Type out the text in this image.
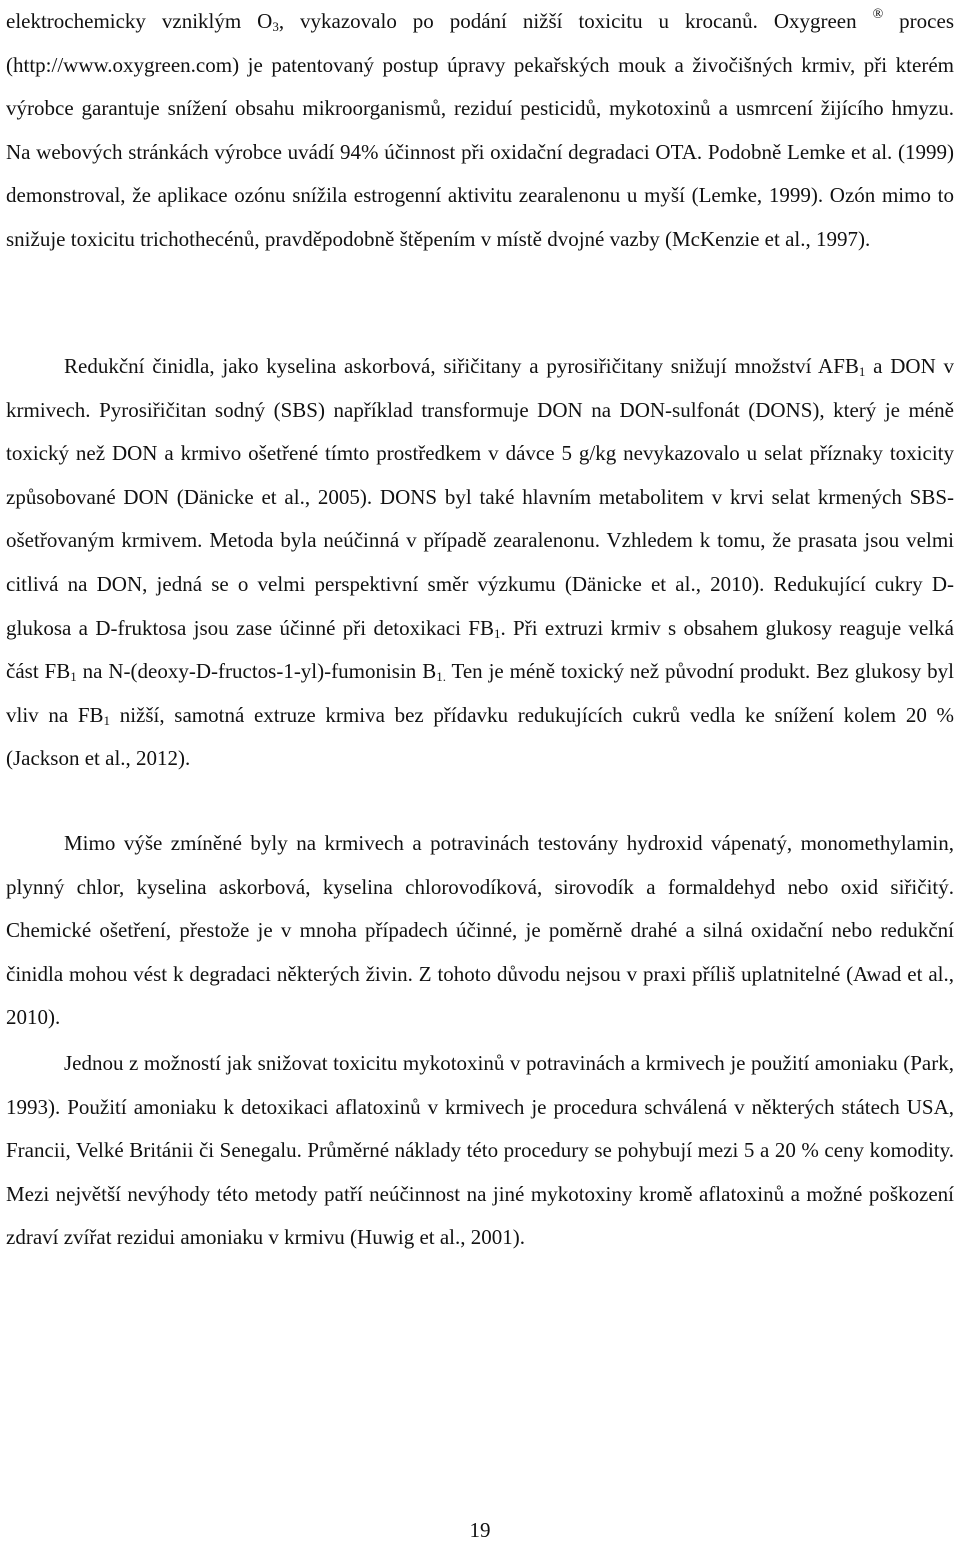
elektrochemicky vzniklým $O_3$, vykazovalo po podání nižší toxicitu u krocanů. Oxygreen ® proces (http://www.oxygreen.com) je patentovaný postup úpravy pekařských mouk a živočišných krmiv, při kterém výrobce garantuje snížení obsahu mikroorganismů, reziduí pesticidů, mykotoxinů a usmrcení žijícího hmyzu. Na webových stránkách výrobce uvádí 94% účinnost při oxidační degradaci OTA. Podobně Lemke et al. (1999) demonstroval, že aplikace ozónu snížila estrogenní aktivitu zearalenonu u myší (Lemke, 1999). Ozón mimo to snižuje toxicitu trichothecénů, pravděpodobně štěpením v místě dvojné vazby (McKenzie et al., 1997).

Redukční činidla, jako kyselina askorbová, siřičitany a pyrosiřičitany snižují množství $AFB_1$ a DON v krmivech. Pyrosiřičitan sodný (SBS) například transformuje DON na DON-sulfonát (DONS), který je méně toxický než DON a krmivo ošetřené tímto prostředkem v dávce 5 g/kg nevykazovalo u selat příznaky toxicity způsobované DON (Dänicke et al., 2005). DONS byl také hlavním metabolitem v krvi selat krmených SBS-ošetřovaným krmivem. Metoda byla neúčinná v případě zearalenonu. Vzhledem k tomu, že prasata jsou velmi citlivá na DON, jedná se o velmi perspektivní směr výzkumu (Dänicke et al., 2010). Redukující cukry D-glukosa a D-fruktosa jsou zase účinné při detoxikaci $FB_1$. Při extruzi krmiv s obsahem glukosy reaguje velká část $FB_1$ na N-(deoxy-D-fructos-1-yl)-fumonisin $B_{1.}$ Ten je méně toxický než původní produkt. Bez glukosy byl vliv na $FB_1$ nižší, samotná extruze krmiva bez přídavku redukujících cukrů vedla ke snížení kolem 20 % (Jackson et al., 2012).

Mimo výše zmíněné byly na krmivech a potravinách testovány hydroxid vápenatý, monomethylamin, plynný chlor, kyselina askorbová, kyselina chlorovodíková, sirovodík a formaldehyd nebo oxid siřičitý. Chemické ošetření, přestože je v mnoha případech účinné, je poměrně drahé a silná oxidační nebo redukční činidla mohou vést k degradaci některých živin. Z tohoto důvodu nejsou v praxi příliš uplatnitelné (Awad et al., 2010).

Jednou z možností jak snižovat toxicitu mykotoxinů v potravinách a krmivech je použití amoniaku (Park, 1993). Použití amoniaku k detoxikaci aflatoxinů v krmivech je procedura schválená v některých státech USA, Francii, Velké Británii či Senegalu. Průměrné náklady této procedury se pohybují mezi 5 a 20 % ceny komodity. Mezi největší nevýhody této metody patří neúčinnost na jiné mykotoxiny kromě aflatoxinů a možné poškození zdraví zvířat rezidui amoniaku v krmivu (Huwig et al., 2001).

19
